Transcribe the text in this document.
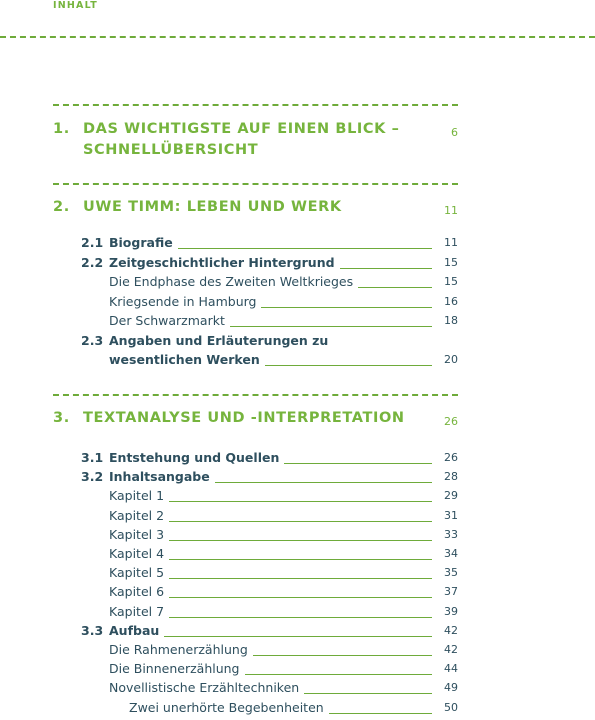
INHALT
1. DAS WICHTIGSTE AUF EINEN BLICK –
SCHNELLÜBERSICHT
6
2. UWE TIMM: LEBEN UND WERK	11
2.1 Biografie	11
2.2 Zeitgeschichtlicher Hintergrund	15
Die Endphase des Zweiten Weltkrieges	15
Kriegsende in Hamburg	16
Der Schwarzmarkt	18
2.3 Angaben und Erläuterungen zu
wesentlichen Werken	20
3. TEXTANALYSE UND -INTERPRETATION	26
3.1 Entstehung und Quellen	26
3.2 Inhaltsangabe	28
Kapitel 1	29
Kapitel 2	31
Kapitel 3	33
Kapitel 4	34
Kapitel 5	35
Kapitel 6	37
Kapitel 7	39
3.3 Aufbau	42
Die Rahmenerzählung	42
Die Binnenerzählung	44
Novellistische Erzähltechniken	49
Zwei unerhörte Begebenheiten	50
